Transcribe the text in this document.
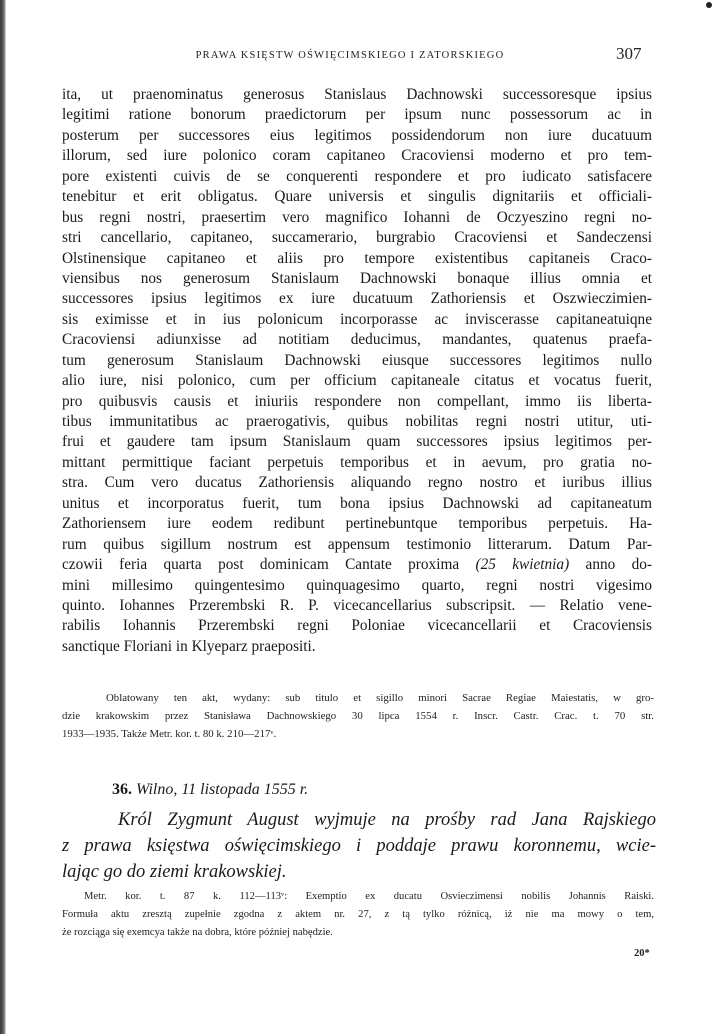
PRAWA KSIĘSTW OŚWIĘCIMSKIEGO I ZATORSKIEGO	307
ita, ut praenominatus generosus Stanislaus Dachnowski successoresque ipsius
legitimi ratione bonorum praedictorum per ipsum nunc possessorum ac in
posterum per successores eius legitimos possidendorum non iure ducatuum
illorum, sed iure polonico coram capitaneo Cracoviensi moderno et pro tem-
pore existenti cuivis de se conquerenti respondere et pro iudicato satisfacere
tenebitur et erit obligatus. Quare universis et singulis dignitariis et officiali-
bus regni nostri, praesertim vero magnifico Iohanni de Oczyeszino regni no-
stri cancellario, capitaneo, succamerario, burgrabio Cracoviensi et Sandeczensi
Olstinensique capitaneo et aliis pro tempore existentibus capitaneis Craco-
viensibus nos generosum Stanislaum Dachnowski bonaque illius omnia et
successores ipsius legitimos ex iure ducatuum Zathoriensis et Oszwieczimien-
sis eximisse et in ius polonicum incorporasse ac inviscerasse capitaneatuiqne
Cracoviensi adiunxisse ad notitiam deducimus, mandantes, quatenus praefa-
tum generosum Stanislaum Dachnowski eiusque successores legitimos nullo
alio iure, nisi polonico, cum per officium capitaneale citatus et vocatus fuerit,
pro quibusvis causis et iniuriis respondere non compellant, immo iis liberta-
tibus immunitatibus ac praerogativis, quibus nobilitas regni nostri utitur, uti-
frui et gaudere tam ipsum Stanislaum quam successores ipsius legitimos per-
mittant permittique faciant perpetuis temporibus et in aevum, pro gratia no-
stra. Cum vero ducatus Zathoriensis aliquando regno nostro et iuribus illius
unitus et incorporatus fuerit, tum bona ipsius Dachnowski ad capitaneatum
Zathoriensem iure eodem redibunt pertinebuntque temporibus perpetuis. Ha-
rum quibus sigillum nostrum est appensum testimonio litterarum. Datum Par-
czowii feria quarta post dominicam Cantate proxima (25 kwietnia) anno do-
mini millesimo quingentesimo quinquagesimo quarto, regni nostri vigesimo
quinto. Iohannes Przerembski R. P. vicecancellarius subscripsit. — Relatio vene-
rabilis Iohannis Przerembski regni Poloniae vicecancellarii et Cracoviensis
sanctique Floriani in Klyeparz praepositi.
Oblatowany ten akt, wydany: sub titulo et sigillo minori Sacrae Regiae Maiestatis, w gro-
dzie krakowskim przez Stanisława Dachnowskiego 30 lipca 1554 r. Inscr. Castr. Crac. t. 70 str.
1933—1935. Także Metr. kor. t. 80 k. 210—217ᵛ.
36. Wilno, 11 listopada 1555 r.
Król Zygmunt August wyjmuje na prośby rad Jana Rajskiego
z prawa księstwa oświęcimskiego i poddaje prawu koronnemu, wcie-
lając go do ziemi krakowskiej.
Metr. kor. t. 87 k. 112—113ᵛ: Exemptio ex ducatu Osvieczimensi nobilis Johannis Raiski.
Formuła aktu zresztą zupełnie zgodna z aktem nr. 27, z tą tylko różnicą, iż nie ma mowy o tem,
że rozciąga się exemcya także na dobra, które później nabędzie.
20*
